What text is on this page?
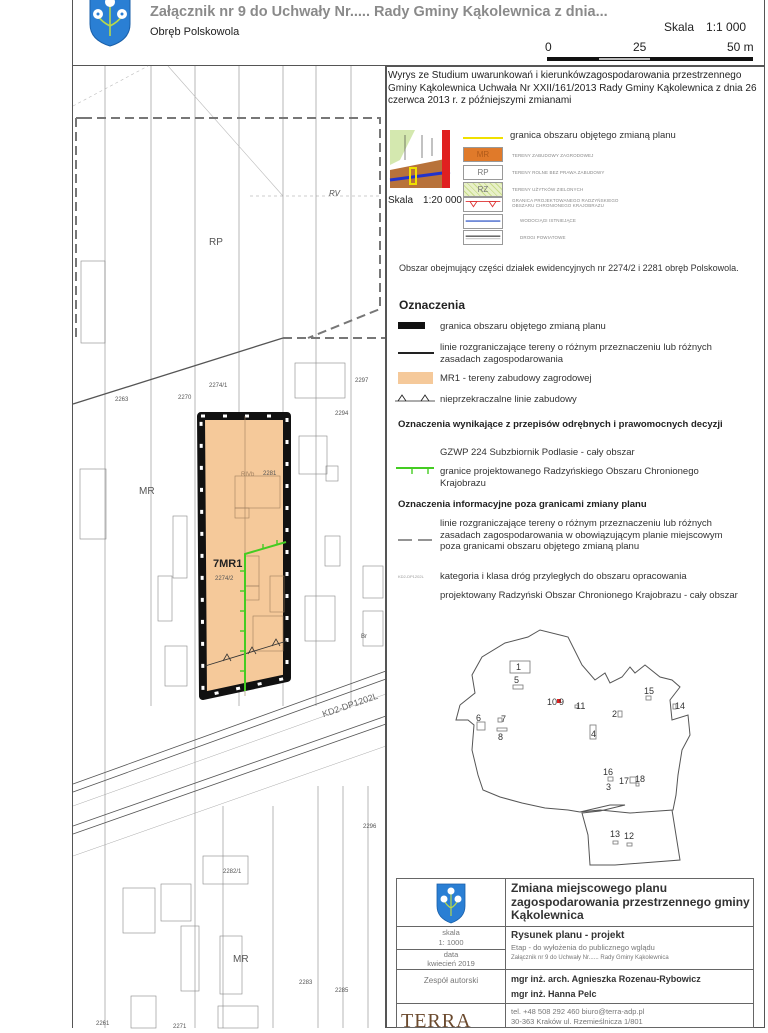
Załącznik nr 9 do Uchwały Nr..... Rady Gminy Kąkolewnica z dnia...
Obręb Polskowola	Skala 1:1 000
0	25	50 m
RP
RV
MR
MR
7MR1
KD2-DP1202L
2274/1
2263	2270
2297
2294
2296
2281
2274/2
2282/1
2283
2285
2271
2261
RIVb
Br
Wyrys ze Studium uwarunkowań i kierunkówzagospodarowania przestrzennego Gminy Kąkolewnica Uchwała Nr XXII/161/2013 Rady Gminy Kąkolewnica z dnia 26 czerwca 2013 r. z późniejszymi zmianami
Skala 1:20 000
granica obszaru objętego zmianą planu
MR	TERENY ZABUDOWY ZAGRODOWEJ
RP	TERENY ROLNE BEZ PRAWA ZABUDOWY
RZ	TERENY UŻYTKÓW ZIELONYCH
GRANICA PROJEKTOWANEGO RADZYŃSKIEGO OBSZARU CHRONIONEGO KRAJOBRAZU
WODOCIĄGI ISTNIEJĄCE
DROGI POWIATOWE
Obszar obejmujący części działek ewidencyjnych nr 2274/2 i 2281 obręb Polskowola.
Oznaczenia
granica obszaru objętego zmianą planu
linie rozgraniczające tereny o różnym przeznaczeniu lub różnych zasadach zagospodarowania
MR1 - tereny zabudowy zagrodowej
nieprzekraczalne linie zabudowy
Oznaczenia wynikające z przepisów odrębnych i prawomocnych decyzji
GZWP 224 Subzbiornik Podlasie - cały obszar
granice projektowanego Radzyńskiego Obszaru Chronionego Krajobrazu
Oznaczenia informacyjne poza granicami zmiany planu
linie rozgraniczające tereny o różnym przeznaczeniu lub różnych zasadach zagospodarowania w obowiązującym planie miejscowym poza granicami obszaru objętego zmianą planu
KD2-DP1202L kategoria i klasa dróg przyległych do obszaru opracowania
projektowany Radzyński Obszar Chronionego Krajobrazu - cały obszar
1
2
3
4
5
6 7
8
9
10 11
12
13
14
15
16
17 18
Zmiana miejscowego planu zagospodarowania przestrzennego gminy Kąkolewnica
skala
1: 1000
data
kwiecień 2019
Rysunek planu - projekt
Etap - do wyłożenia do publicznego wglądu
Załącznik nr 9 do Uchwały Nr...... Rady Gminy Kąkolewnica
Zespół autorski	mgr inż. arch. Agnieszka Rozenau-Rybowicz
mgr inż. Hanna Pelc
TERRA	tel. +48 508 292 460 biuro@terra-adp.pl
30-363 Kraków ul. Rzemieślnicza 1/801
